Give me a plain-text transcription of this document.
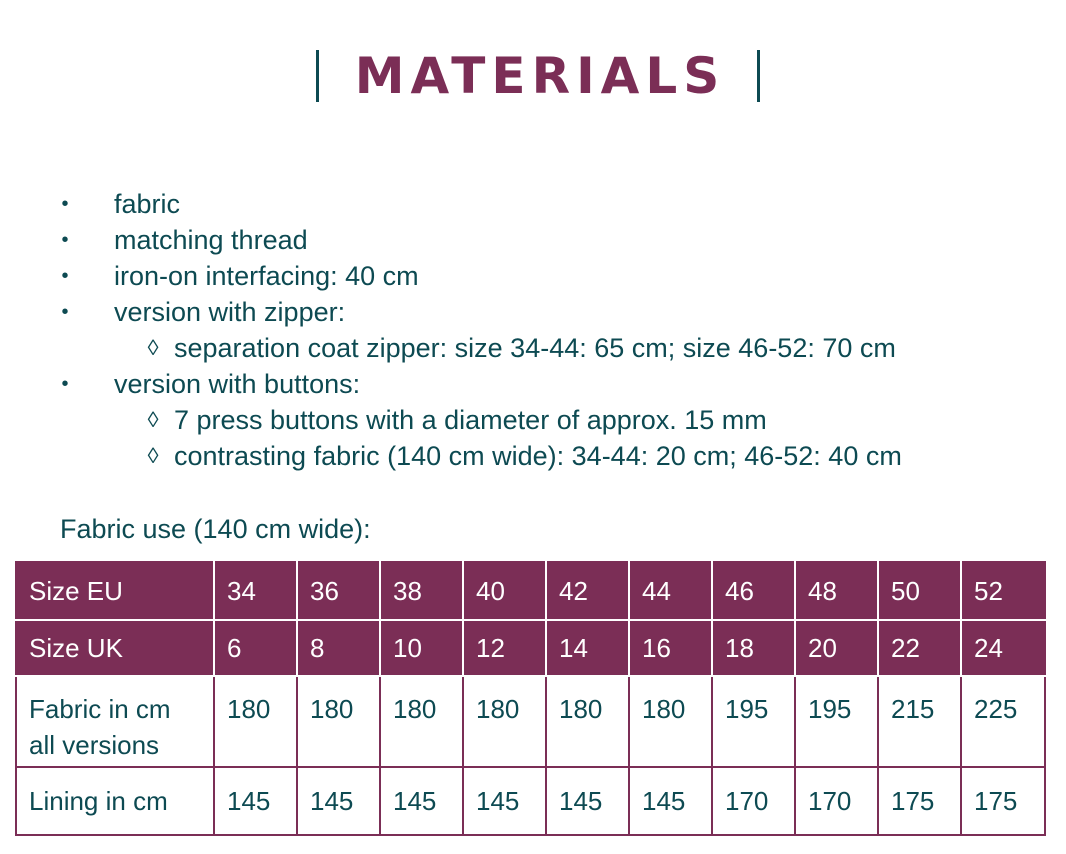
MATERIALS
• fabric
• matching thread
• iron-on interfacing: 40 cm
• version with zipper:
◊ separation coat zipper: size 34-44: 65 cm; size 46-52: 70 cm
• version with buttons:
◊ 7 press buttons with a diameter of approx. 15 mm
◊ contrasting fabric (140 cm wide): 34-44: 20 cm; 46-52: 40 cm
Fabric use (140 cm wide):
Size EU	34	36	38	40	42	44	46	48	50	52

Size UK	6	8	10	12	14	16	18	20	22	24

Fabric in cm
all versions	180	180	180	180	180	180	195	195	215	225

Lining in cm	145	145	145	145	145	145	170	170	175	175
